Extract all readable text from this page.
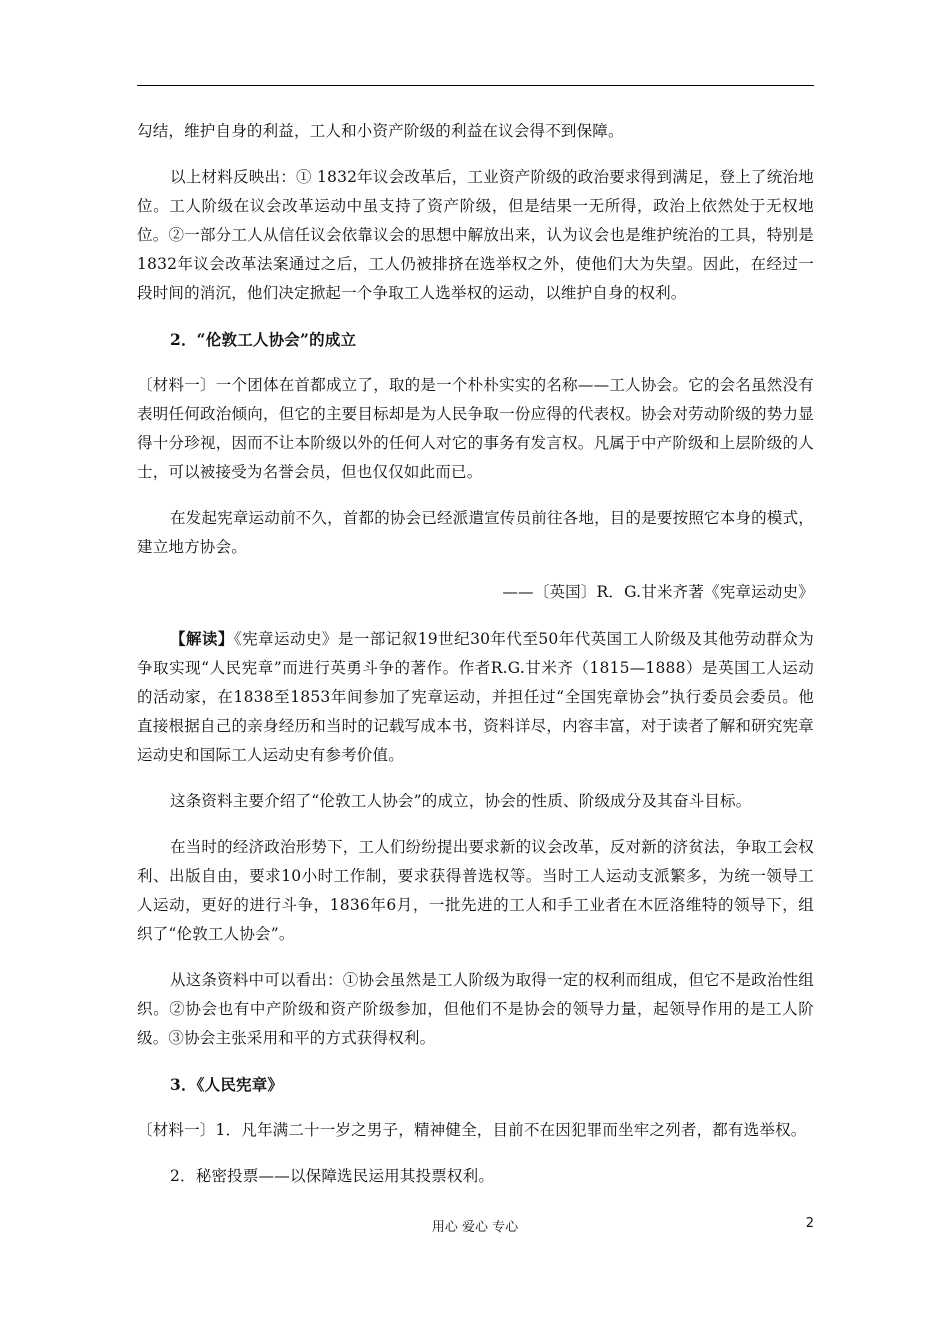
勾结，维护自身的利益，工人和小资产阶级的利益在议会得不到保障。

以上材料反映出：① 1832年议会改革后，工业资产阶级的政治要求得到满足，登上了统治地位。工人阶级在议会改革运动中虽支持了资产阶级，但是结果一无所得，政治上依然处于无权地位。②一部分工人从信任议会依靠议会的思想中解放出来，认为议会也是维护统治的工具，特别是1832年议会改革法案通过之后，工人仍被排挤在选举权之外，使他们大为失望。因此，在经过一段时间的消沉，他们决定掀起一个争取工人选举权的运动，以维护自身的权利。

2．“伦敦工人协会”的成立

〔材料一〕一个团体在首都成立了，取的是一个朴朴实实的名称——工人协会。它的会名虽然没有表明任何政治倾向，但它的主要目标却是为人民争取一份应得的代表权。协会对劳动阶级的势力显得十分珍视，因而不让本阶级以外的任何人对它的事务有发言权。凡属于中产阶级和上层阶级的人士，可以被接受为名誉会员，但也仅仅如此而已。

在发起宪章运动前不久，首都的协会已经派遣宣传员前往各地，目的是要按照它本身的模式，建立地方协会。

——〔英国〕R．G.甘米齐著《宪章运动史》

【解读】《宪章运动史》是一部记叙19世纪30年代至50年代英国工人阶级及其他劳动群众为争取实现“人民宪章”而进行英勇斗争的著作。作者R.G.甘米齐（1815—1888）是英国工人运动的活动家，在1838至1853年间参加了宪章运动，并担任过“全国宪章协会”执行委员会委员。他直接根据自己的亲身经历和当时的记载写成本书，资料详尽，内容丰富，对于读者了解和研究宪章运动史和国际工人运动史有参考价值。

这条资料主要介绍了“伦敦工人协会”的成立，协会的性质、阶级成分及其奋斗目标。

在当时的经济政治形势下，工人们纷纷提出要求新的议会改革，反对新的济贫法，争取工会权利、出版自由，要求10小时工作制，要求获得普选权等。当时工人运动支派繁多，为统一领导工人运动，更好的进行斗争，1836年6月，一批先进的工人和手工业者在木匠洛维特的领导下，组织了“伦敦工人协会”。

从这条资料中可以看出：①协会虽然是工人阶级为取得一定的权利而组成，但它不是政治性组织。②协会也有中产阶级和资产阶级参加，但他们不是协会的领导力量，起领导作用的是工人阶级。③协会主张采用和平的方式获得权利。

3．《人民宪章》

〔材料一〕1．凡年满二十一岁之男子，精神健全，目前不在因犯罪而坐牢之列者，都有选举权。

2．秘密投票——以保障选民运用其投票权利。

用心 爱心 专心	2
